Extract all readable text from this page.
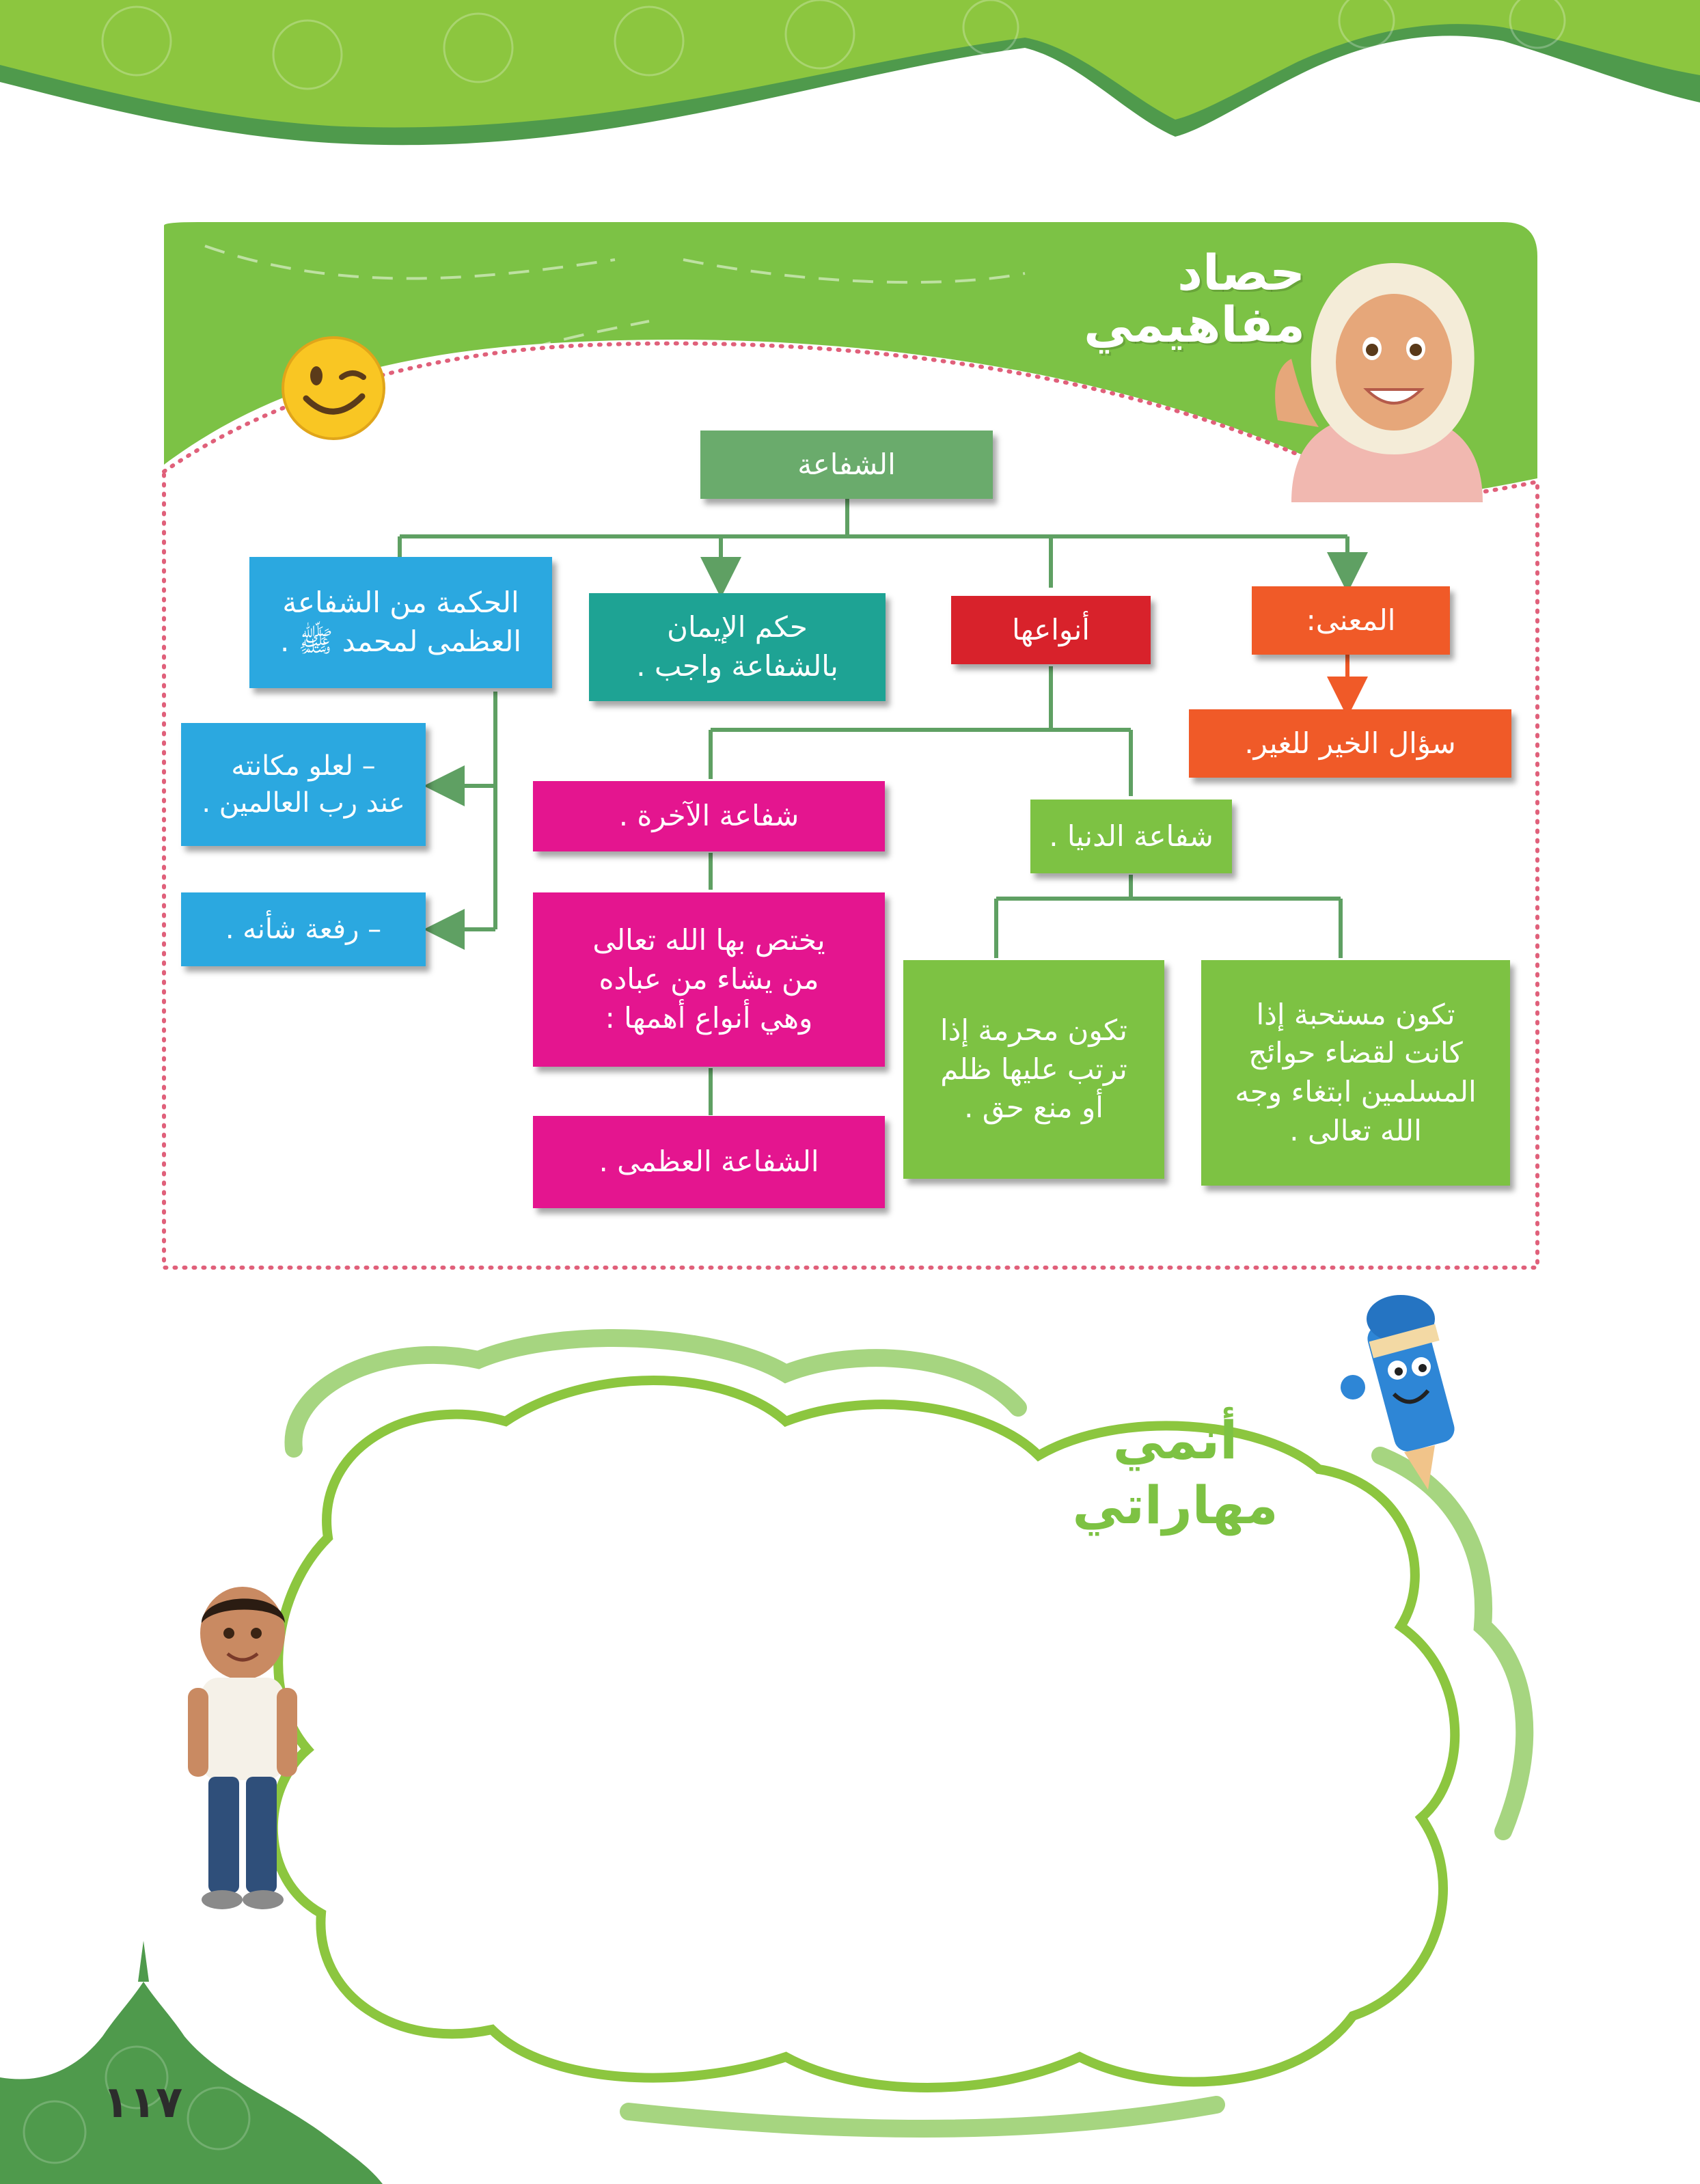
حصاد
مفاهيمي
الشفاعة
المعنى:
سؤال الخير للغير.
أنواعها
حكم الإيمان
بالشفاعة واجب .
الحكمة من الشفاعة
العظمى لمحمد ﷺ .
– لعلو مكانته
عند رب العالمين .
– رفعة شأنه .
شفاعة الدنيا .
شفاعة الآخرة .
يختص بها الله تعالى
من يشاء من عباده
وهي أنواع أهمها :
الشفاعة العظمى .
تكون مستحبة إذا
كانت لقضاء حوائج
المسلمين ابتغاء وجه
الله تعالى .
تكون محرمة إذا
ترتب عليها ظلم
أو منع حق .
أنمي
مهاراتي
١١٧
